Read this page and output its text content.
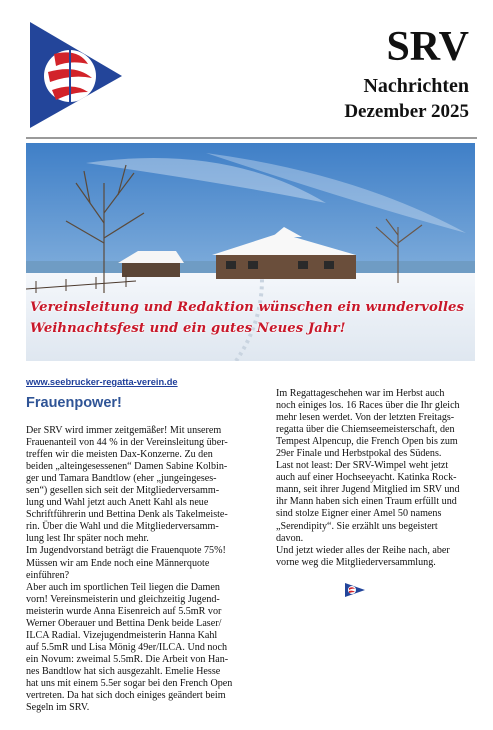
SRV
Nachrichten
Dezember 2025
Vereinsleitung und Redaktion wünschen ein wundervolles
Weihnachtsfest und ein gutes Neues Jahr!
www.seebrucker-regatta-verein.de
Frauenpower!
Der SRV wird immer zeitgemäßer! Mit unserem
Frauenanteil von 44 % in der Vereinsleitung über-
treffen wir die meisten Dax-Konzerne. Zu den
beiden „alteingesessenen“ Damen Sabine Kolbin-
ger und Tamara Bandtlow (eher „jungeingeses-
sen“) gesellen sich seit der Mitgliederversamm-
lung und Wahl jetzt auch Anett Kahl als neue
Schriftführerin und Bettina Denk als Takelmeiste-
rin. Über die Wahl und die Mitgliederversamm-
lung lest Ihr später noch mehr.
Im Jugendvorstand beträgt die Frauenquote 75%!
Müssen wir am Ende noch eine Männerquote
einführen?
Aber auch im sportlichen Teil liegen die Damen
vorn! Vereinsmeisterin und gleichzeitig Jugend-
meisterin wurde Anna Eisenreich auf 5.5mR vor
Werner Oberauer und Bettina Denk beide Laser/
ILCA Radial. Vizejugendmeisterin Hanna Kahl
auf 5.5mR und Lisa Mönig 49er/ILCA. Und noch
ein Novum: zweimal 5.5mR. Die Arbeit von Han-
nes Bandtlow hat sich ausgezahlt. Emelie Hesse
hat uns mit einem 5.5er sogar bei den French Open
vertreten. Da hat sich doch einiges geändert beim
Segeln im SRV.
Im Regattageschehen war im Herbst auch
noch einiges los. 16 Races über die Ihr gleich
mehr lesen werdet. Von der letzten Freitags-
regatta über die Chiemseemeisterschaft, den
Tempest Alpencup, die French Open bis zum
29er Finale und Herbstpokal des Südens.
Last not least: Der SRV-Wimpel weht jetzt
auch auf einer Hochseeyacht. Katinka Rock-
mann, seit ihrer Jugend Mitglied im SRV und
ihr Mann haben sich einen Traum erfüllt und
sind stolze Eigner einer Amel 50 namens
„Serendipity“. Sie erzählt uns begeistert
davon.
Und jetzt wieder alles der Reihe nach, aber
vorne weg die Mitgliederversammlung.
